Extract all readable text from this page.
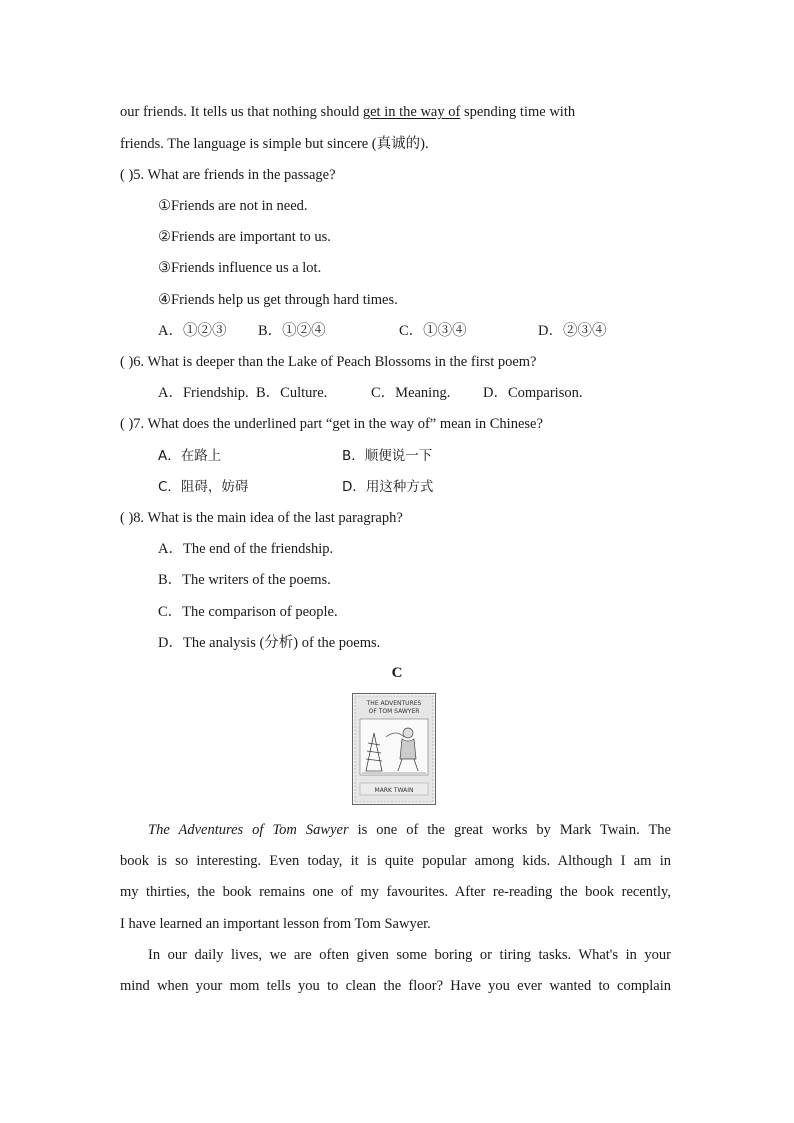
our friends. It tells us that nothing should get in the way of spending time with
friends. The language is simple but sincere (真诚的).
( )5. What are friends in the passage?
①Friends are not in need.
②Friends are important to us.
③Friends influence us a lot.
④Friends help us get through hard times.
A．①②③ B．①②④	C．①③④	D．②③④
( )6. What is deeper than the Lake of Peach Blossoms in the first poem?
A．Friendship. B．Culture.	C．Meaning. D．Comparison.
( )7. What does the underlined part “get in the way of” mean in Chinese?
A．在路上	B．顺便说一下
C．阻碍，妨碍	D．用这种方式
( )8. What is the main idea of the last paragraph?
A．The end of the friendship.
B．The writers of the poems.
C．The comparison of people.
D．The analysis (分析) of the poems.
C
THE ADVENTURES
OF TOM SAWYER
MARK TWAIN
The Adventures of Tom Sawyer is one of the great works by Mark Twain. The
book is so interesting. Even today, it is quite popular among kids. Although I am in
my thirties, the book remains one of my favourites. After re-reading the book recently,
I have learned an important lesson from Tom Sawyer.
In our daily lives, we are often given some boring or tiring tasks. What's in your
mind when your mom tells you to clean the floor? Have you ever wanted to complain
